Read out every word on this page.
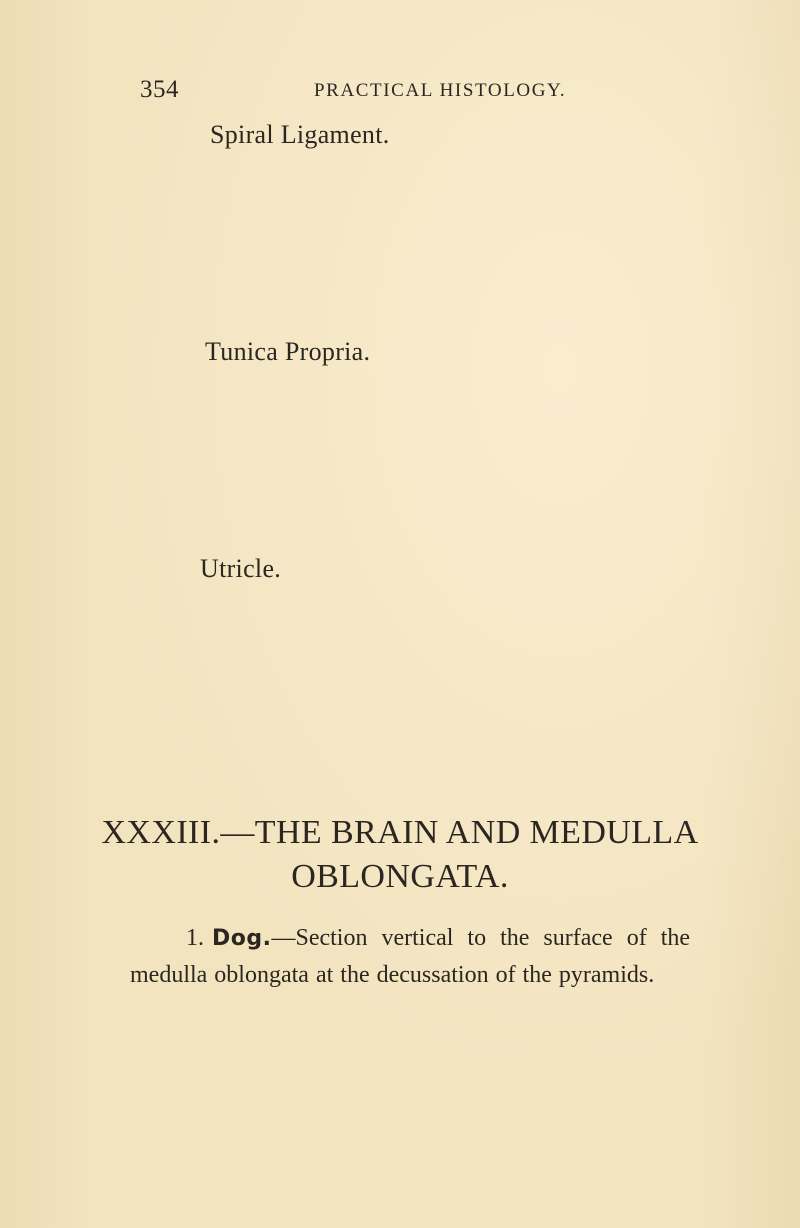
354	PRACTICAL HISTOLOGY.
Spiral Ligament.
Tunica Propria.
Utricle.
XXXIII.—THE BRAIN AND MEDULLA
OBLONGATA.
1. Dog.—Section vertical to the surface of the
medulla oblongata at the decussation of the pyramids.
